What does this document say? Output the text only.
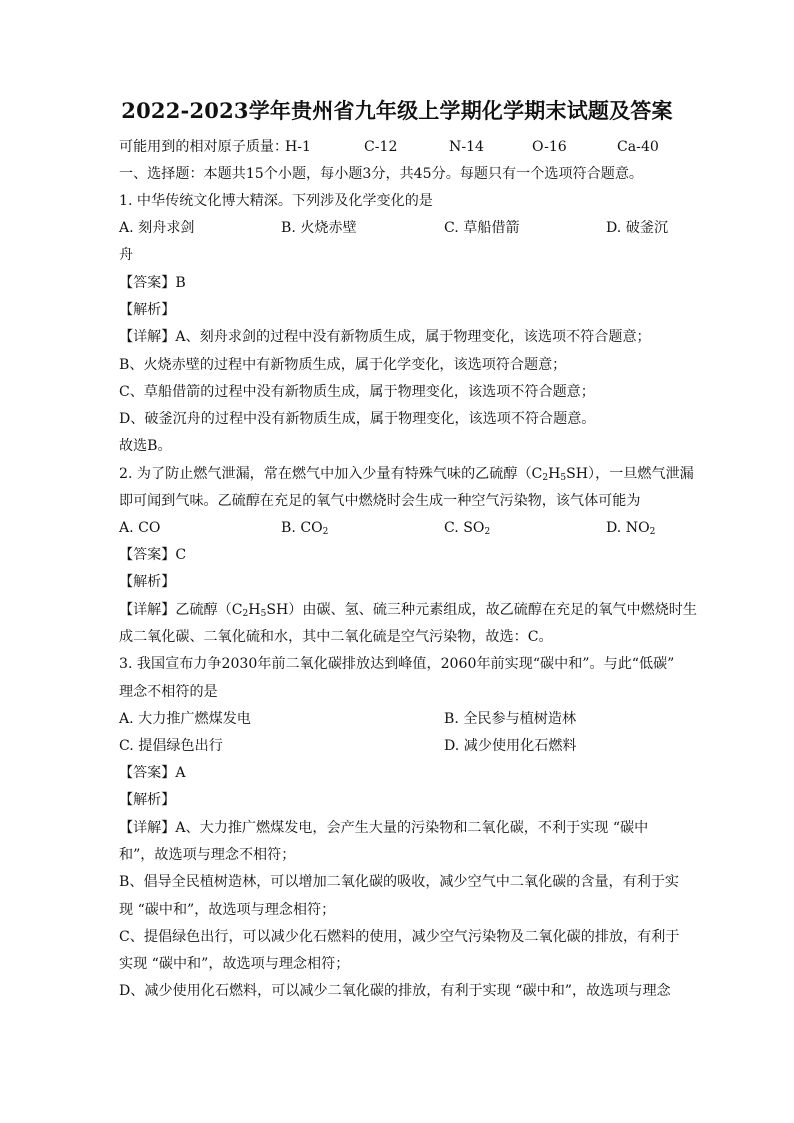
2022-2023学年贵州省九年级上学期化学期末试题及答案
可能用到的相对原子质量：
H-1	C-12	N-14	O-16	Ca-40
一、选择题：本题共15个小题，每小题3分，共45分。每题只有一个选项符合题意。
1. 中华传统文化博大精深。下列涉及化学变化的是
A. 刻舟求剑	B. 火烧赤壁	C. 草船借箭	D. 破釜沉
舟
【答案】B
【解析】
【详解】A、刻舟求剑的过程中没有新物质生成，属于物理变化，该选项不符合题意；
B、火烧赤壁的过程中有新物质生成，属于化学变化，该选项符合题意；
C、草船借箭的过程中没有新物质生成，属于物理变化，该选项不符合题意；
D、破釜沉舟的过程中没有新物质生成，属于物理变化，该选项不符合题意。
故选B。
2. 为了防止燃气泄漏，常在燃气中加入少量有特殊气味的乙硫醇$(C_2H_5SH)$，一旦燃气泄漏
即可闻到气味。乙硫醇在充足的氧气中燃烧时会生成一种空气污染物，该气体可能为
A. CO	B. $CO_2$	C. $SO_2$	D. $NO_2$
【答案】C
【解析】
【详解】乙硫醇$(C_2H_5SH)$由碳、氢、硫三种元素组成，故乙硫醇在充足的氧气中燃烧时生
成二氧化碳、二氧化硫和水，其中二氧化硫是空气污染物，故选：C。
3. 我国宣布力争2030年前二氧化碳排放达到峰值，2060年前实现“碳中和”。与此“低碳”
理念不相符的是
A. 大力推广燃煤发电	B. 全民参与植树造林
C. 提倡绿色出行	D. 减少使用化石燃料
【答案】A
【解析】
【详解】A、大力推广燃煤发电，会产生大量的污染物和二氧化碳，不利于实现 “碳中
和”，故选项与理念不相符；
B、倡导全民植树造林，可以增加二氧化碳的吸收，减少空气中二氧化碳的含量，有利于实
现 “碳中和”，故选项与理念相符；
C、提倡绿色出行，可以减少化石燃料的使用，减少空气污染物及二氧化碳的排放，有利于
实现 “碳中和”，故选项与理念相符；
D、减少使用化石燃料，可以减少二氧化碳的排放，有利于实现 “碳中和”，故选项与理念
